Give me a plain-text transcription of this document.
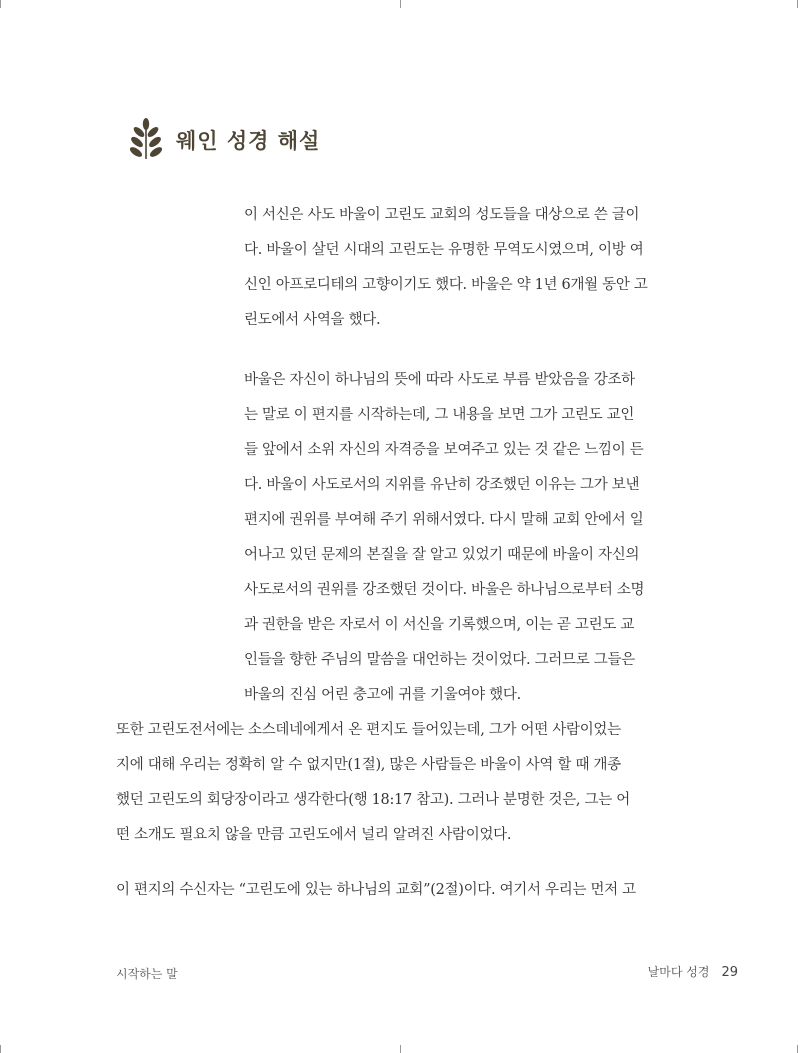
웨인 성경 해설

이 서신은 사도 바울이 고린도 교회의 성도들을 대상으로 쓴 글이
다. 바울이 살던 시대의 고린도는 유명한 무역도시였으며, 이방 여
신인 아프로디테의 고향이기도 했다. 바울은 약 1년 6개월 동안 고
린도에서 사역을 했다.

바울은 자신이 하나님의 뜻에 따라 사도로 부름 받았음을 강조하
는 말로 이 편지를 시작하는데, 그 내용을 보면 그가 고린도 교인
들 앞에서 소위 자신의 자격증을 보여주고 있는 것 같은 느낌이 든
다. 바울이 사도로서의 지위를 유난히 강조했던 이유는 그가 보낸
편지에 권위를 부여해 주기 위해서였다. 다시 말해 교회 안에서 일
어나고 있던 문제의 본질을 잘 알고 있었기 때문에 바울이 자신의
사도로서의 권위를 강조했던 것이다. 바울은 하나님으로부터 소명
과 권한을 받은 자로서 이 서신을 기록했으며, 이는 곧 고린도 교
인들을 향한 주님의 말씀을 대언하는 것이었다. 그러므로 그들은
바울의 진심 어린 충고에 귀를 기울여야 했다.

또한 고린도전서에는 소스데네에게서 온 편지도 들어있는데, 그가 어떤 사람이었는
지에 대해 우리는 정확히 알 수 없지만(1절), 많은 사람들은 바울이 사역 할 때 개종
했던 고린도의 회당장이라고 생각한다(행 18:17 참고). 그러나 분명한 것은, 그는 어
떤 소개도 필요치 않을 만큼 고린도에서 널리 알려진 사람이었다.

이 편지의 수신자는 “고린도에 있는 하나님의 교회”(2절)이다. 여기서 우리는 먼저 고

시작하는 말	날마다 성경 29
